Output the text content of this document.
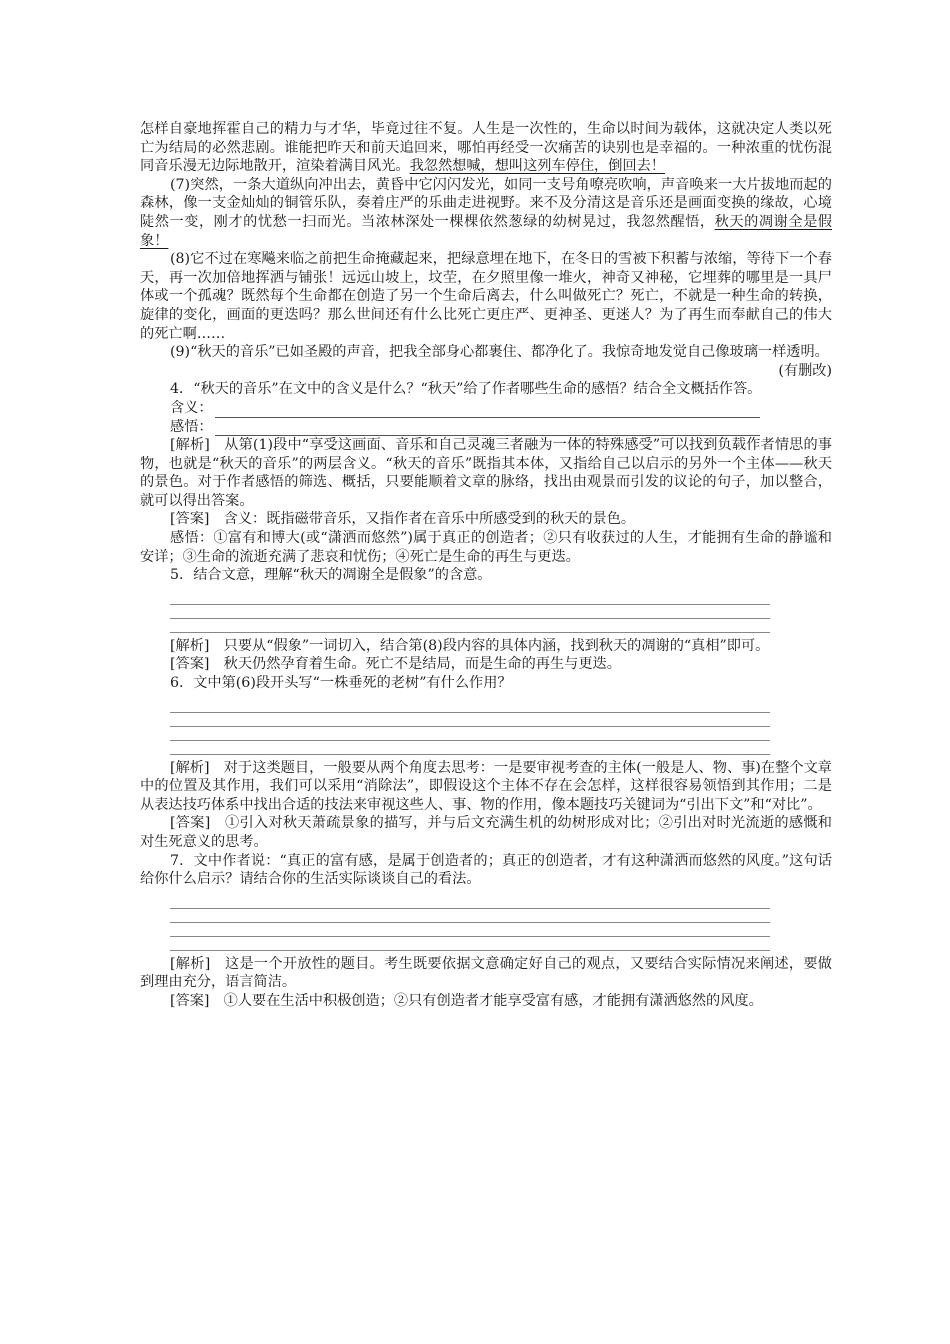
怎样自豪地挥霍自己的精力与才华，毕竟过往不复。人生是一次性的，生命以时间为载体，这就决定人类以死亡为结局的必然悲剧。谁能把昨天和前天追回来，哪怕再经受一次痛苦的诀别也是幸福的。一种浓重的忧伤混同音乐漫无边际地散开，渲染着满目风光。我忽然想喊，想叫这列车停住，倒回去！

(7)突然，一条大道纵向冲出去，黄昏中它闪闪发光，如同一支号角嘹亮吹响，声音唤来一大片拔地而起的森林，像一支金灿灿的铜管乐队，奏着庄严的乐曲走进视野。来不及分清这是音乐还是画面变换的缘故，心境陡然一变，刚才的忧愁一扫而光。当浓林深处一棵棵依然葱绿的幼树晃过，我忽然醒悟，秋天的凋谢全是假象！

(8)它不过在寒飚来临之前把生命掩藏起来，把绿意埋在地下，在冬日的雪被下积蓄与浓缩，等待下一个春天，再一次加倍地挥洒与铺张！远远山坡上，坟茔，在夕照里像一堆火，神奇又神秘，它埋葬的哪里是一具尸体或一个孤魂？既然每个生命都在创造了另一个生命后离去，什么叫做死亡？死亡，不就是一种生命的转换，旋律的变化，画面的更迭吗？那么世间还有什么比死亡更庄严、更神圣、更迷人？为了再生而奉献自己的伟大的死亡啊……

(9)“秋天的音乐”已如圣殿的声音，把我全部身心都裹住、都净化了。我惊奇地发觉自己像玻璃一样透明。

(有删改)

4．“秋天的音乐”在文中的含义是什么？“秋天”给了作者哪些生命的感悟？结合全文概括作答。

含义：
感悟：

[解析]　 从第(1)段中“享受这画面、音乐和自己灵魂三者融为一体的特殊感受”可以找到负载作者情思的事物，也就是“秋天的音乐”的两层含义。“秋天的音乐”既指其本体，又指给自己以启示的另外一个主体——秋天的景色。对于作者感悟的筛选、概括，只要能顺着文章的脉络，找出由观景而引发的议论的句子，加以整合，就可以得出答案。

[答案]　 含义：既指磁带音乐，又指作者在音乐中所感受到的秋天的景色。

感悟：①富有和博大(或“潇洒而悠然”)属于真正的创造者；②只有收获过的人生，才能拥有生命的静谧和安详；③生命的流逝充满了悲哀和忧伤；④死亡是生命的再生与更迭。

5．结合文意，理解“秋天的凋谢全是假象”的含意。

[解析]　 只要从“假象”一词切入，结合第(8)段内容的具体内涵，找到秋天的凋谢的“真相”即可。

[答案]　 秋天仍然孕育着生命。死亡不是结局，而是生命的再生与更迭。

6．文中第(6)段开头写“一株垂死的老树”有什么作用？

[解析]　 对于这类题目，一般要从两个角度去思考：一是要审视考查的主体(一般是人、物、事)在整个文章中的位置及其作用，我们可以采用“消除法”，即假设这个主体不存在会怎样，这样很容易领悟到其作用；二是从表达技巧体系中找出合适的技法来审视这些人、事、物的作用，像本题技巧关键词为“引出下文”和“对比”。

[答案]　 ①引入对秋天萧疏景象的描写，并与后文充满生机的幼树形成对比；②引出对时光流逝的感慨和对生死意义的思考。

7．文中作者说：“真正的富有感，是属于创造者的；真正的创造者，才有这种潇洒而悠然的风度。”这句话给你什么启示？请结合你的生活实际谈谈自己的看法。

[解析]　 这是一个开放性的题目。考生既要依据文意确定好自己的观点，又要结合实际情况来阐述，要做到理由充分，语言简洁。

[答案]　 ①人要在生活中积极创造；②只有创造者才能享受富有感，才能拥有潇洒悠然的风度。
